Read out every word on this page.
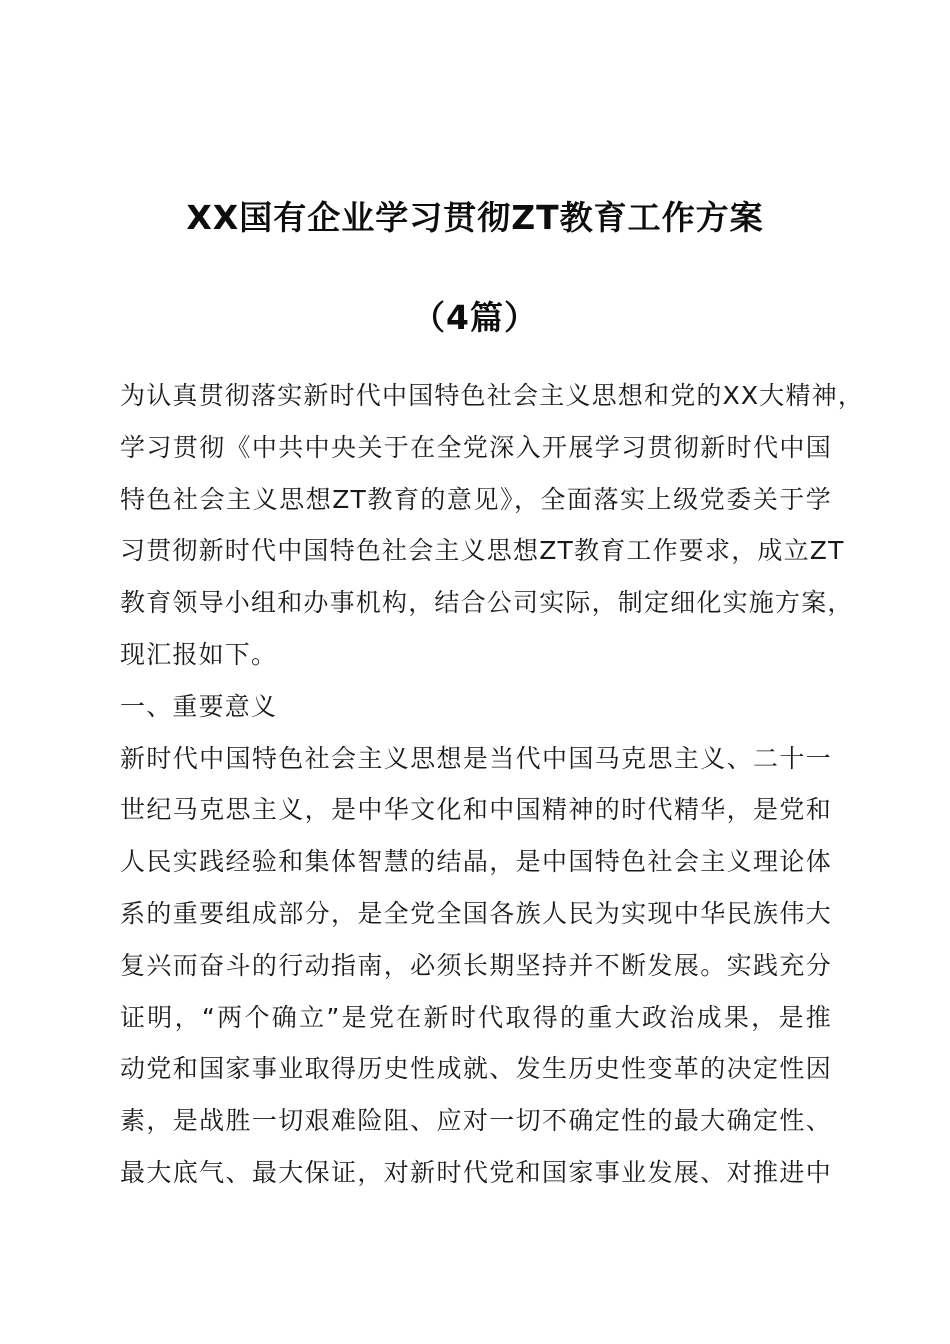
XX国有企业学习贯彻ZT教育工作方案
（4篇）
为认真贯彻落实新时代中国特色社会主义思想和党的XX大精神，
学习贯彻《中共中央关于在全党深入开展学习贯彻新时代中国
特色社会主义思想ZT教育的意见》，全面落实上级党委关于学
习贯彻新时代中国特色社会主义思想ZT教育工作要求，成立ZT
教育领导小组和办事机构，结合公司实际，制定细化实施方案，
现汇报如下。
一、重要意义
新时代中国特色社会主义思想是当代中国马克思主义、二十一
世纪马克思主义，是中华文化和中国精神的时代精华，是党和
人民实践经验和集体智慧的结晶，是中国特色社会主义理论体
系的重要组成部分，是全党全国各族人民为实现中华民族伟大
复兴而奋斗的行动指南，必须长期坚持并不断发展。实践充分
证明，“两个确立”是党在新时代取得的重大政治成果，是推
动党和国家事业取得历史性成就、发生历史性变革的决定性因
素，是战胜一切艰难险阻、应对一切不确定性的最大确定性、
最大底气、最大保证，对新时代党和国家事业发展、对推进中
